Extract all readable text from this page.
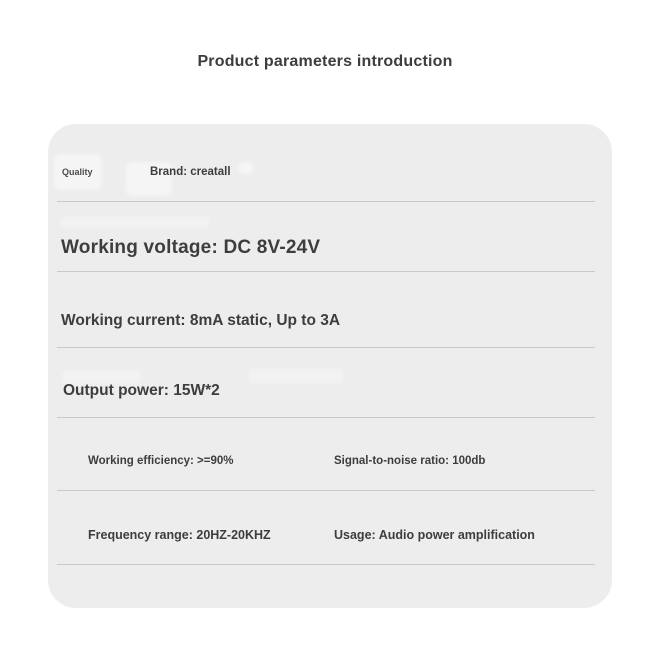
Product parameters introduction
Quality	Brand: creatall
Working voltage: DC 8V-24V
Working current: 8mA static, Up to 3A
Output power: 15W*2
Working efficiency: >=90%	Signal-to-noise ratio: 100db
Frequency range: 20HZ-20KHZ	Usage: Audio power amplification
